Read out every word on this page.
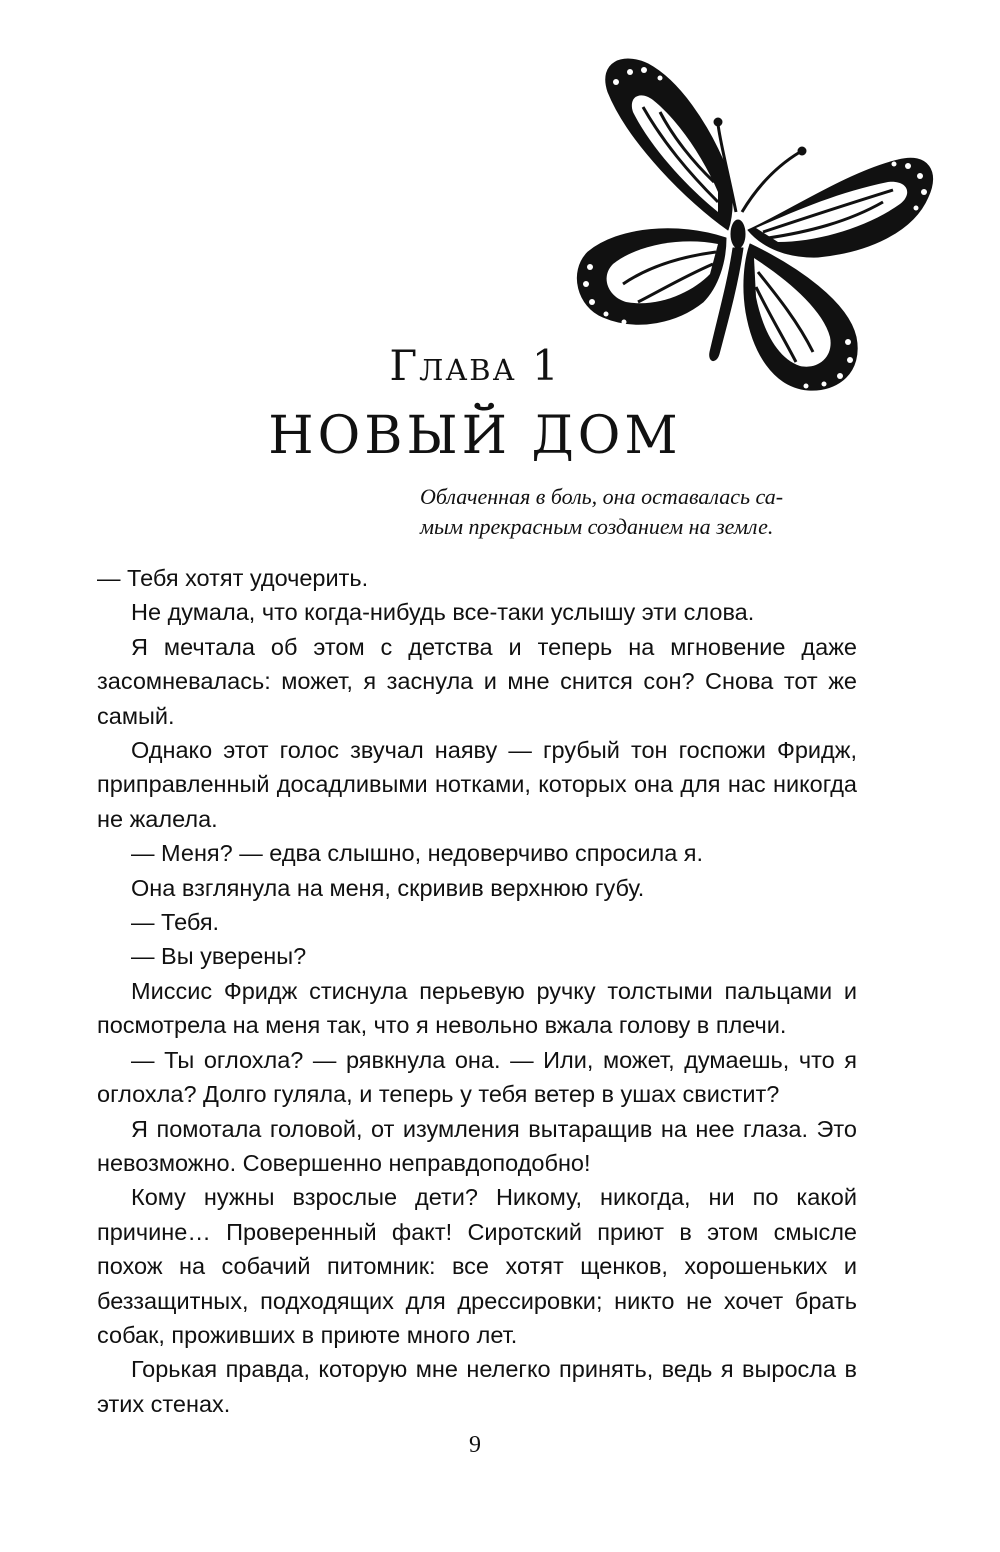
Глава 1
НОВЫЙ ДОМ
Облаченная в боль, она оставалась са-
мым прекрасным созданием на земле.

— Тебя хотят удочерить.

Не думала, что когда-нибудь все-таки услышу эти слова.

Я мечтала об этом с детства и теперь на мгновение даже засомневалась: может, я заснула и мне снится сон? Снова тот же самый.

Однако этот голос звучал наяву — грубый тон госпожи Фридж, приправленный досадливыми нотками, которых она для нас никогда не жалела.

— Меня? — едва слышно, недоверчиво спросила я.

Она взглянула на меня, скривив верхнюю губу.

— Тебя.

— Вы уверены?

Миссис Фридж стиснула перьевую ручку толстыми пальцами и посмотрела на меня так, что я невольно вжала голову в плечи.

— Ты оглохла? — рявкнула она. — Или, может, думаешь, что я оглохла? Долго гуляла, и теперь у тебя ветер в ушах свистит?

Я помотала головой, от изумления вытаращив на нее глаза. Это невозможно. Совершенно неправдоподобно!

Кому нужны взрослые дети? Никому, никогда, ни по какой причине… Проверенный факт! Сиротский приют в этом смысле похож на собачий питомник: все хотят щенков, хорошеньких и беззащитных, подходящих для дрессировки; никто не хочет брать собак, проживших в приюте много лет.

Горькая правда, которую мне нелегко принять, ведь я выросла в этих стенах.

9
